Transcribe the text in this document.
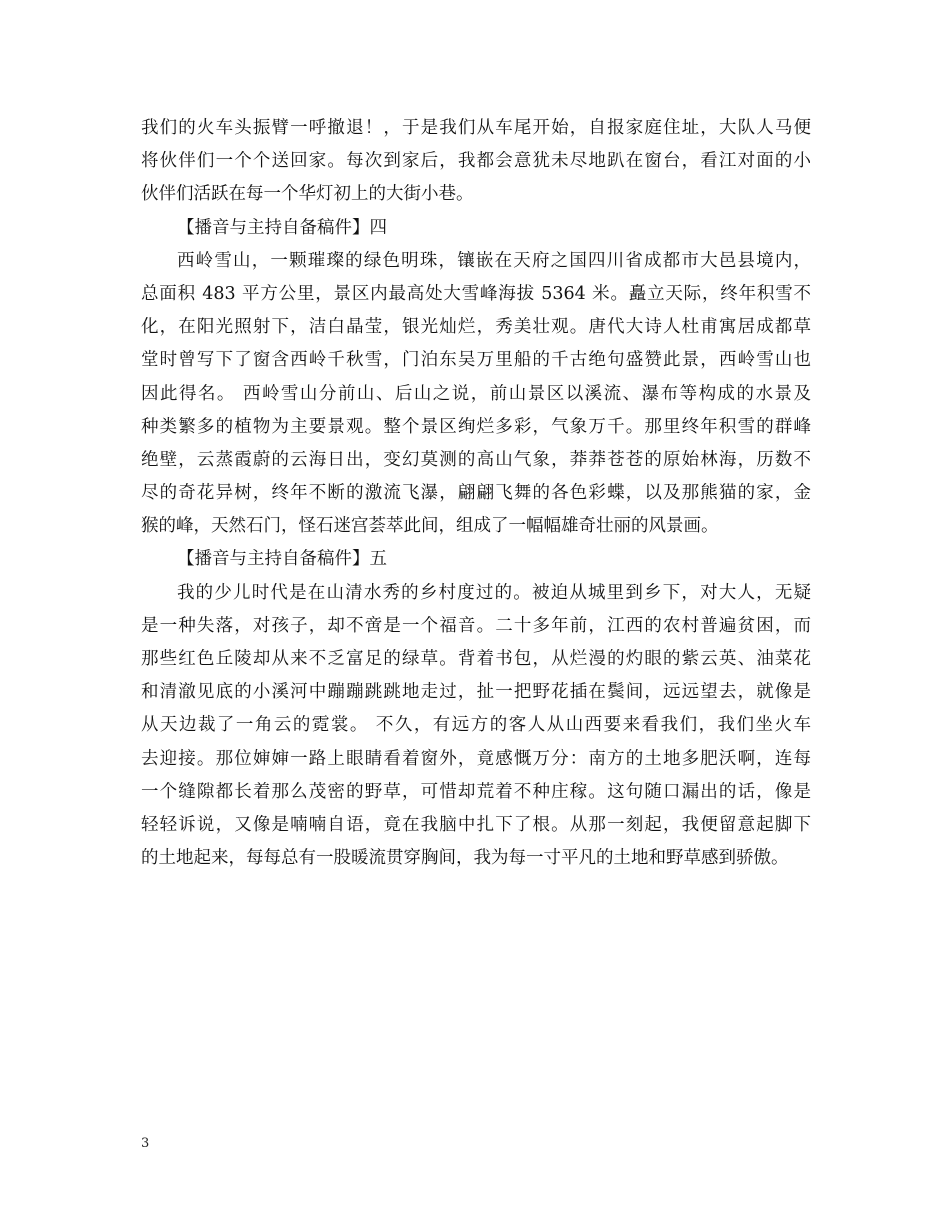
我们的火车头振臂一呼撤退！，于是我们从车尾开始，自报家庭住址，大队人马便
将伙伴们一个个送回家。每次到家后，我都会意犹未尽地趴在窗台，看江对面的小
伙伴们活跃在每一个华灯初上的大街小巷。
【播音与主持自备稿件】四
西岭雪山，一颗璀璨的绿色明珠，镶嵌在天府之国四川省成都市大邑县境内，
总面积 483 平方公里，景区内最高处大雪峰海拔 5364 米。矗立天际，终年积雪不
化，在阳光照射下，洁白晶莹，银光灿烂，秀美壮观。唐代大诗人杜甫寓居成都草
堂时曾写下了窗含西岭千秋雪，门泊东吴万里船的千古绝句盛赞此景，西岭雪山也
因此得名。 西岭雪山分前山、后山之说，前山景区以溪流、瀑布等构成的水景及
种类繁多的植物为主要景观。整个景区绚烂多彩，气象万千。那里终年积雪的群峰
绝壁，云蒸霞蔚的云海日出，变幻莫测的高山气象，莽莽苍苍的原始林海，历数不
尽的奇花异树，终年不断的激流飞瀑，翩翩飞舞的各色彩蝶，以及那熊猫的家，金
猴的峰，天然石门，怪石迷宫荟萃此间，组成了一幅幅雄奇壮丽的风景画。
【播音与主持自备稿件】五
我的少儿时代是在山清水秀的乡村度过的。被迫从城里到乡下，对大人，无疑
是一种失落，对孩子，却不啻是一个福音。二十多年前，江西的农村普遍贫困，而
那些红色丘陵却从来不乏富足的绿草。背着书包，从烂漫的灼眼的紫云英、油菜花
和清澈见底的小溪河中蹦蹦跳跳地走过，扯一把野花插在鬓间，远远望去，就像是
从天边裁了一角云的霓裳。 不久，有远方的客人从山西要来看我们，我们坐火车
去迎接。那位婶婶一路上眼睛看着窗外，竟感慨万分：南方的土地多肥沃啊，连每
一个缝隙都长着那么茂密的野草，可惜却荒着不种庄稼。这句随口漏出的话，像是
轻轻诉说，又像是喃喃自语，竟在我脑中扎下了根。从那一刻起，我便留意起脚下
的土地起来，每每总有一股暖流贯穿胸间，我为每一寸平凡的土地和野草感到骄傲。
3
